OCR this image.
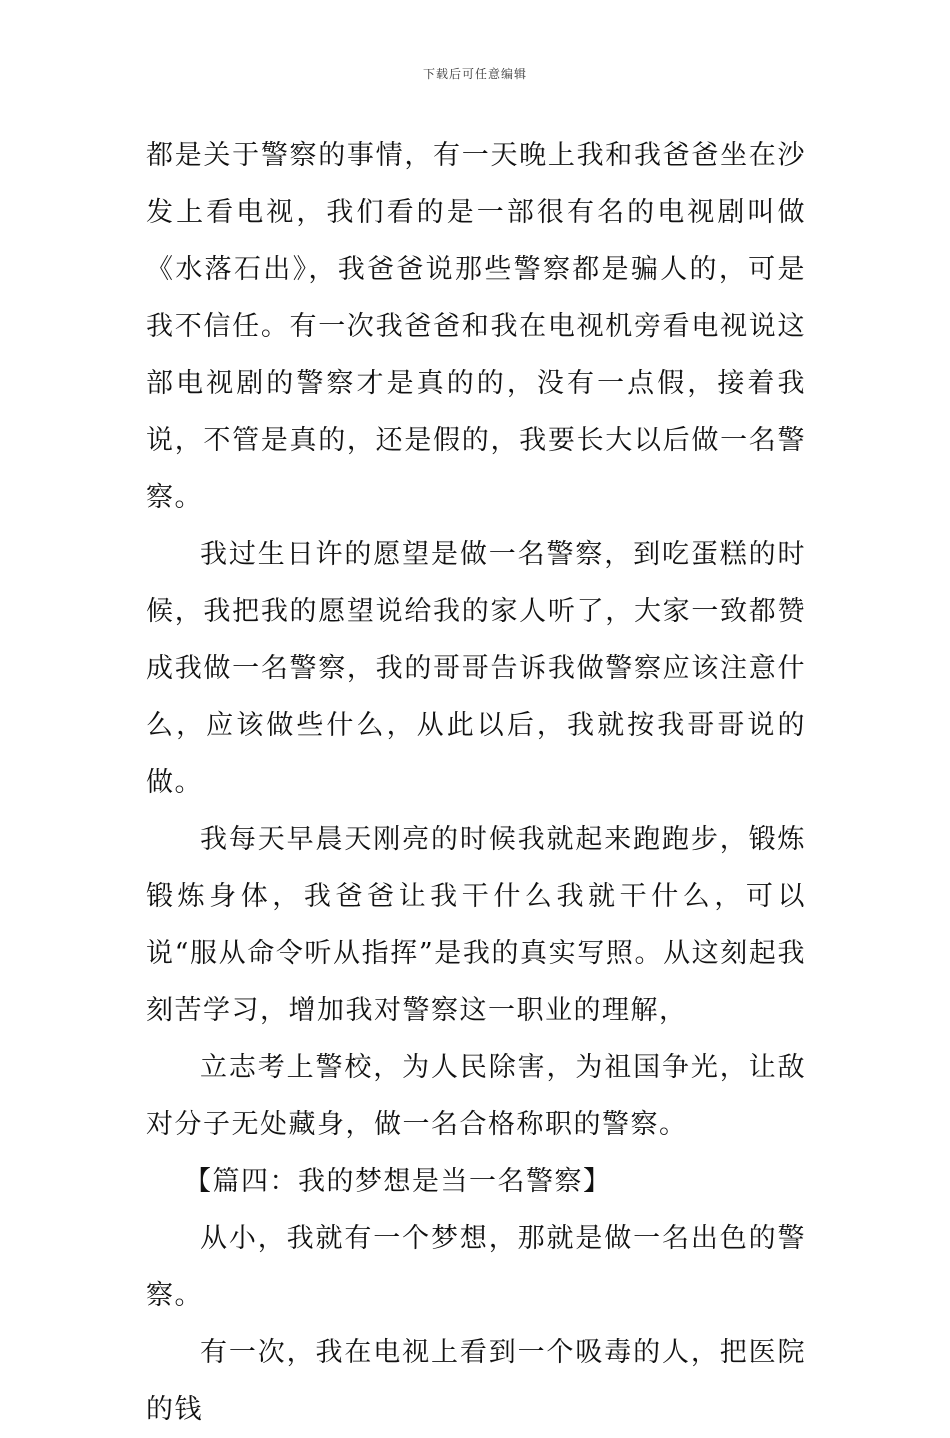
下载后可任意编辑

都是关于警察的事情，有一天晚上我和我爸爸坐在沙发上看电视，我们看的是一部很有名的电视剧叫做《水落石出》，我爸爸说那些警察都是骗人的，可是我不信任。有一次我爸爸和我在电视机旁看电视说这部电视剧的警察才是真的的，没有一点假，接着我说，不管是真的，还是假的，我要长大以后做一名警察。

我过生日许的愿望是做一名警察，到吃蛋糕的时候，我把我的愿望说给我的家人听了，大家一致都赞成我做一名警察，我的哥哥告诉我做警察应该注意什么，应该做些什么，从此以后，我就按我哥哥说的做。

我每天早晨天刚亮的时候我就起来跑跑步，锻炼锻炼身体，我爸爸让我干什么我就干什么，可以说“服从命令听从指挥”是我的真实写照。从这刻起我刻苦学习，增加我对警察这一职业的理解，

立志考上警校，为人民除害，为祖国争光，让敌对分子无处藏身，做一名合格称职的警察。

【篇四：我的梦想是当一名警察】

从小，我就有一个梦想，那就是做一名出色的警察。

有一次，我在电视上看到一个吸毒的人，把医院的钱
